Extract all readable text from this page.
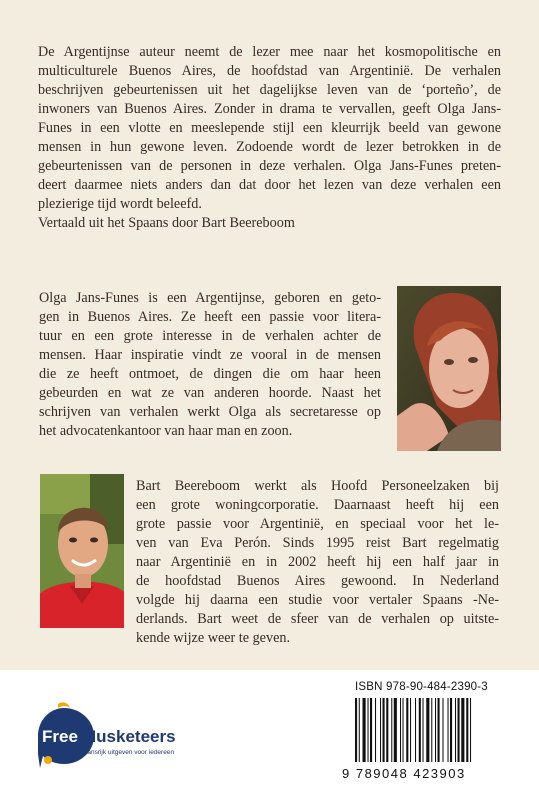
De Argentijnse auteur neemt de lezer mee naar het kosmopolitische en
multiculturele Buenos Aires, de hoofdstad van Argentinië. De verhalen
beschrijven gebeurtenissen uit het dagelijkse leven van de ‘porteño’, de
inwoners van Buenos Aires. Zonder in drama te vervallen, geeft Olga Jans-
Funes in een vlotte en meeslepende stijl een kleurrijk beeld van gewone
mensen in hun gewone leven. Zodoende wordt de lezer betrokken in de
gebeurtenissen van de personen in deze verhalen. Olga Jans-Funes preten-
deert daarmee niets anders dan dat door het lezen van deze verhalen een
plezierige tijd wordt beleefd.
Vertaald uit het Spaans door Bart Beereboom
Olga Jans-Funes is een Argentijnse, geboren en geto-
gen in Buenos Aires. Ze heeft een passie voor litera-
tuur en een grote interesse in de verhalen achter de
mensen. Haar inspiratie vindt ze vooral in de mensen
die ze heeft ontmoet, de dingen die om haar heen
gebeurden en wat ze van anderen hoorde. Naast het
schrijven van verhalen werkt Olga als secretaresse op
het advocatenkantoor van haar man en zoon.
Bart Beereboom werkt als Hoofd Personeelzaken bij
een grote woningcorporatie. Daarnaast heeft hij een
grote passie voor Argentinië, en speciaal voor het le-
ven van Eva Perón. Sinds 1995 reist Bart regelmatig
naar Argentinië en in 2002 heeft hij een half jaar in
de hoofdstad Buenos Aires gewoond. In Nederland
volgde hij daarna een studie voor vertaler Spaans -Ne-
derlands. Bart weet de sfeer van de verhalen op uitste-
kende wijze weer te geven.
Free Musketeers
Kansrijk uitgeven voor iedereen
ISBN 978-90-484-2390-3
9 789048 423903
